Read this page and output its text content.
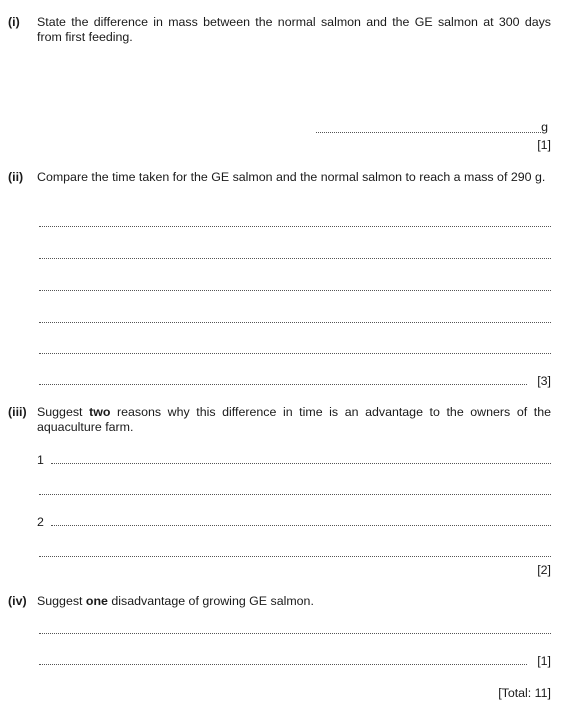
(i) State the difference in mass between the normal salmon and the GE salmon at 300 days from first feeding.
g
[1]
(ii) Compare the time taken for the GE salmon and the normal salmon to reach a mass of 290 g.
[3]
(iii) Suggest two reasons why this difference in time is an advantage to the owners of the aquaculture farm.
1
2
[2]
(iv) Suggest one disadvantage of growing GE salmon.
[1]
[Total: 11]
